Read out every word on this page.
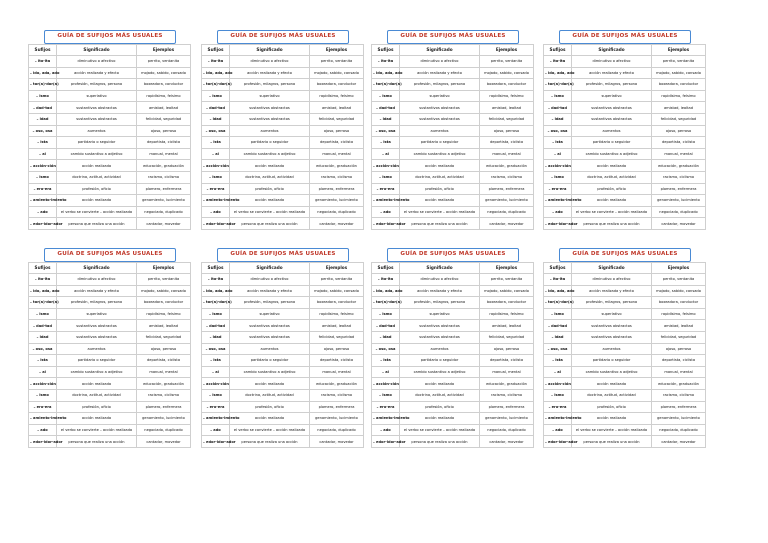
GUÍA DE SUFIJOS MÁS USUALES
Sufijos	Significado	Ejemplos
– ito-ita	diminutivo o afectivo	perrito, ventanita
– ido, ada, ado	acción realizada y efecto	mojado, sabido, cansado
– tor(a)-dor(a)	profesión, milagros, persona	boxeadora, conductor
– ismo	superlativo	rapidísimo, feísimo
– dad-tad	sustantivos abstractos	amistad, lealtad
– idad	sustantivos abstractos	felicidad, seguridad
– oso, osa	aumentos	ojoso, perroso
– ista	partidario o seguidor	deportista, ciclista
– al	cambio sustantivo a adjetivo	manual, mental
– acción-ción	acción realizada	educación, graduación
– ismo	doctrina, actitud, actividad	racismo, ciclismo
– ero-era	profesión, oficio	plomero, enfermera
– amiento-imiento	acción realizada	genamiento, lucimiento
– ado	el verbo se convierte – acción realizada	negociado, duplicado
– edor-idor-ador	persona que realiza una acción	cantador, movedor
GUÍA DE SUFIJOS MÁS USUALES
Sufijos	Significado	Ejemplos
– ito-ita	diminutivo o afectivo	perrito, ventanita
– ido, ada, ado	acción realizada y efecto	mojado, sabido, cansado
– tor(a)-dor(a)	profesión, milagros, persona	boxeadora, conductor
– ismo	superlativo	rapidísimo, feísimo
– dad-tad	sustantivos abstractos	amistad, lealtad
– idad	sustantivos abstractos	felicidad, seguridad
– oso, osa	aumentos	ojoso, perroso
– ista	partidario o seguidor	deportista, ciclista
– al	cambio sustantivo a adjetivo	manual, mental
– acción-ción	acción realizada	educación, graduación
– ismo	doctrina, actitud, actividad	racismo, ciclismo
– ero-era	profesión, oficio	plomero, enfermera
– amiento-imiento	acción realizada	genamiento, lucimiento
– ado	el verbo se convierte – acción realizada	negociado, duplicado
– edor-idor-ador	persona que realiza una acción	cantador, movedor
GUÍA DE SUFIJOS MÁS USUALES
Sufijos	Significado	Ejemplos
– ito-ita	diminutivo o afectivo	perrito, ventanita
– ido, ada, ado	acción realizada y efecto	mojado, sabido, cansado
– tor(a)-dor(a)	profesión, milagros, persona	boxeadora, conductor
– ismo	superlativo	rapidísimo, feísimo
– dad-tad	sustantivos abstractos	amistad, lealtad
– idad	sustantivos abstractos	felicidad, seguridad
– oso, osa	aumentos	ojoso, perroso
– ista	partidario o seguidor	deportista, ciclista
– al	cambio sustantivo a adjetivo	manual, mental
– acción-ción	acción realizada	educación, graduación
– ismo	doctrina, actitud, actividad	racismo, ciclismo
– ero-era	profesión, oficio	plomero, enfermera
– amiento-imiento	acción realizada	genamiento, lucimiento
– ado	el verbo se convierte – acción realizada	negociado, duplicado
– edor-idor-ador	persona que realiza una acción	cantador, movedor
GUÍA DE SUFIJOS MÁS USUALES
Sufijos	Significado	Ejemplos
– ito-ita	diminutivo o afectivo	perrito, ventanita
– ido, ada, ado	acción realizada y efecto	mojado, sabido, cansado
– tor(a)-dor(a)	profesión, milagros, persona	boxeadora, conductor
– ismo	superlativo	rapidísimo, feísimo
– dad-tad	sustantivos abstractos	amistad, lealtad
– idad	sustantivos abstractos	felicidad, seguridad
– oso, osa	aumentos	ojoso, perroso
– ista	partidario o seguidor	deportista, ciclista
– al	cambio sustantivo a adjetivo	manual, mental
– acción-ción	acción realizada	educación, graduación
– ismo	doctrina, actitud, actividad	racismo, ciclismo
– ero-era	profesión, oficio	plomero, enfermera
– amiento-imiento	acción realizada	genamiento, lucimiento
– ado	el verbo se convierte – acción realizada	negociado, duplicado
– edor-idor-ador	persona que realiza una acción	cantador, movedor
GUÍA DE SUFIJOS MÁS USUALES
Sufijos	Significado	Ejemplos
– ito-ita	diminutivo o afectivo	perrito, ventanita
– ido, ada, ado	acción realizada y efecto	mojado, sabido, cansado
– tor(a)-dor(a)	profesión, milagros, persona	boxeadora, conductor
– ismo	superlativo	rapidísimo, feísimo
– dad-tad	sustantivos abstractos	amistad, lealtad
– idad	sustantivos abstractos	felicidad, seguridad
– oso, osa	aumentos	ojoso, perroso
– ista	partidario o seguidor	deportista, ciclista
– al	cambio sustantivo a adjetivo	manual, mental
– acción-ción	acción realizada	educación, graduación
– ismo	doctrina, actitud, actividad	racismo, ciclismo
– ero-era	profesión, oficio	plomero, enfermera
– amiento-imiento	acción realizada	genamiento, lucimiento
– ado	el verbo se convierte – acción realizada	negociado, duplicado
– edor-idor-ador	persona que realiza una acción	cantador, movedor
GUÍA DE SUFIJOS MÁS USUALES
Sufijos	Significado	Ejemplos
– ito-ita	diminutivo o afectivo	perrito, ventanita
– ido, ada, ado	acción realizada y efecto	mojado, sabido, cansado
– tor(a)-dor(a)	profesión, milagros, persona	boxeadora, conductor
– ismo	superlativo	rapidísimo, feísimo
– dad-tad	sustantivos abstractos	amistad, lealtad
– idad	sustantivos abstractos	felicidad, seguridad
– oso, osa	aumentos	ojoso, perroso
– ista	partidario o seguidor	deportista, ciclista
– al	cambio sustantivo a adjetivo	manual, mental
– acción-ción	acción realizada	educación, graduación
– ismo	doctrina, actitud, actividad	racismo, ciclismo
– ero-era	profesión, oficio	plomero, enfermera
– amiento-imiento	acción realizada	genamiento, lucimiento
– ado	el verbo se convierte – acción realizada	negociado, duplicado
– edor-idor-ador	persona que realiza una acción	cantador, movedor
GUÍA DE SUFIJOS MÁS USUALES
Sufijos	Significado	Ejemplos
– ito-ita	diminutivo o afectivo	perrito, ventanita
– ido, ada, ado	acción realizada y efecto	mojado, sabido, cansado
– tor(a)-dor(a)	profesión, milagros, persona	boxeadora, conductor
– ismo	superlativo	rapidísimo, feísimo
– dad-tad	sustantivos abstractos	amistad, lealtad
– idad	sustantivos abstractos	felicidad, seguridad
– oso, osa	aumentos	ojoso, perroso
– ista	partidario o seguidor	deportista, ciclista
– al	cambio sustantivo a adjetivo	manual, mental
– acción-ción	acción realizada	educación, graduación
– ismo	doctrina, actitud, actividad	racismo, ciclismo
– ero-era	profesión, oficio	plomero, enfermera
– amiento-imiento	acción realizada	genamiento, lucimiento
– ado	el verbo se convierte – acción realizada	negociado, duplicado
– edor-idor-ador	persona que realiza una acción	cantador, movedor
GUÍA DE SUFIJOS MÁS USUALES
Sufijos	Significado	Ejemplos
– ito-ita	diminutivo o afectivo	perrito, ventanita
– ido, ada, ado	acción realizada y efecto	mojado, sabido, cansado
– tor(a)-dor(a)	profesión, milagros, persona	boxeadora, conductor
– ismo	superlativo	rapidísimo, feísimo
– dad-tad	sustantivos abstractos	amistad, lealtad
– idad	sustantivos abstractos	felicidad, seguridad
– oso, osa	aumentos	ojoso, perroso
– ista	partidario o seguidor	deportista, ciclista
– al	cambio sustantivo a adjetivo	manual, mental
– acción-ción	acción realizada	educación, graduación
– ismo	doctrina, actitud, actividad	racismo, ciclismo
– ero-era	profesión, oficio	plomero, enfermera
– amiento-imiento	acción realizada	genamiento, lucimiento
– ado	el verbo se convierte – acción realizada	negociado, duplicado
– edor-idor-ador	persona que realiza una acción	cantador, movedor
